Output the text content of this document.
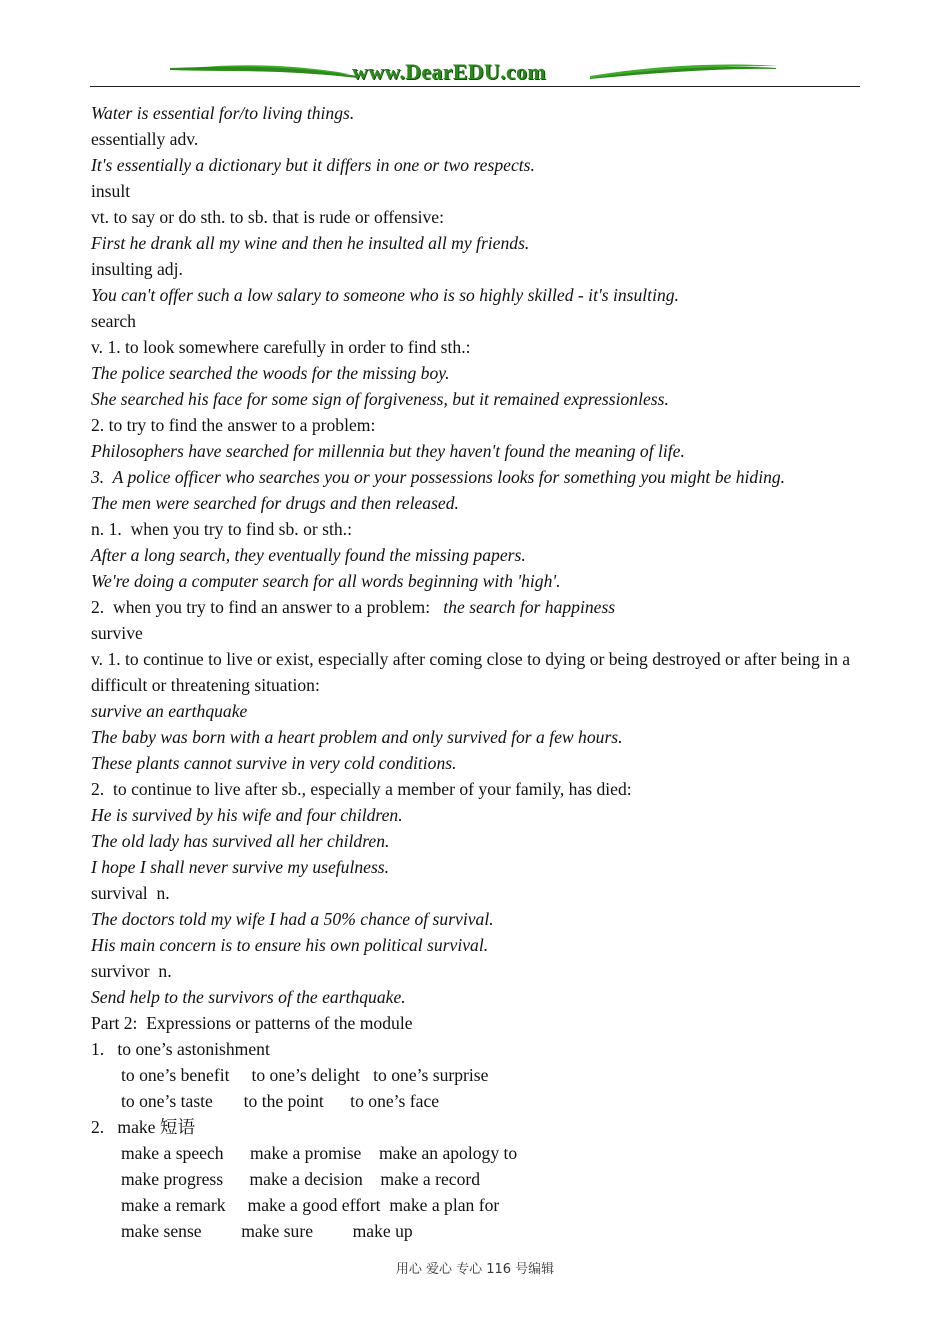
www.DearEDU.com
Water is essential for/to living things.
essentially adv.
It's essentially a dictionary but it differs in one or two respects.
insult
vt. to say or do sth. to sb. that is rude or offensive:
First he drank all my wine and then he insulted all my friends.
insulting adj.
You can't offer such a low salary to someone who is so highly skilled - it's insulting.
search
v. 1. to look somewhere carefully in order to find sth.:
The police searched the woods for the missing boy.
She searched his face for some sign of forgiveness, but it remained expressionless.
2. to try to find the answer to a problem:
Philosophers have searched for millennia but they haven't found the meaning of life.
3.  A police officer who searches you or your possessions looks for something you might be hiding.
The men were searched for drugs and then released.
n. 1.  when you try to find sb. or sth.:
After a long search, they eventually found the missing papers.
We're doing a computer search for all words beginning with 'high'.
2.  when you try to find an answer to a problem:   the search for happiness
survive
v. 1. to continue to live or exist, especially after coming close to dying or being destroyed or after being in a difficult or threatening situation:
survive an earthquake
The baby was born with a heart problem and only survived for a few hours.
These plants cannot survive in very cold conditions.
2.  to continue to live after sb., especially a member of your family, has died:
He is survived by his wife and four children.
The old lady has survived all her children.
I hope I shall never survive my usefulness.
survival  n.
The doctors told my wife I had a 50% chance of survival.
His main concern is to ensure his own political survival.
survivor  n.
Send help to the survivors of the earthquake.
Part 2:  Expressions or patterns of the module
1.   to one’s astonishment
to one’s benefit     to one’s delight   to one’s surprise
to one’s taste       to the point      to one’s face
2.   make 短语
make a speech      make a promise    make an apology to
make progress      make a decision    make a record
make a remark     make a good effort  make a plan for
make sense         make sure         make up
用心 爱心 专心 116 号编辑
